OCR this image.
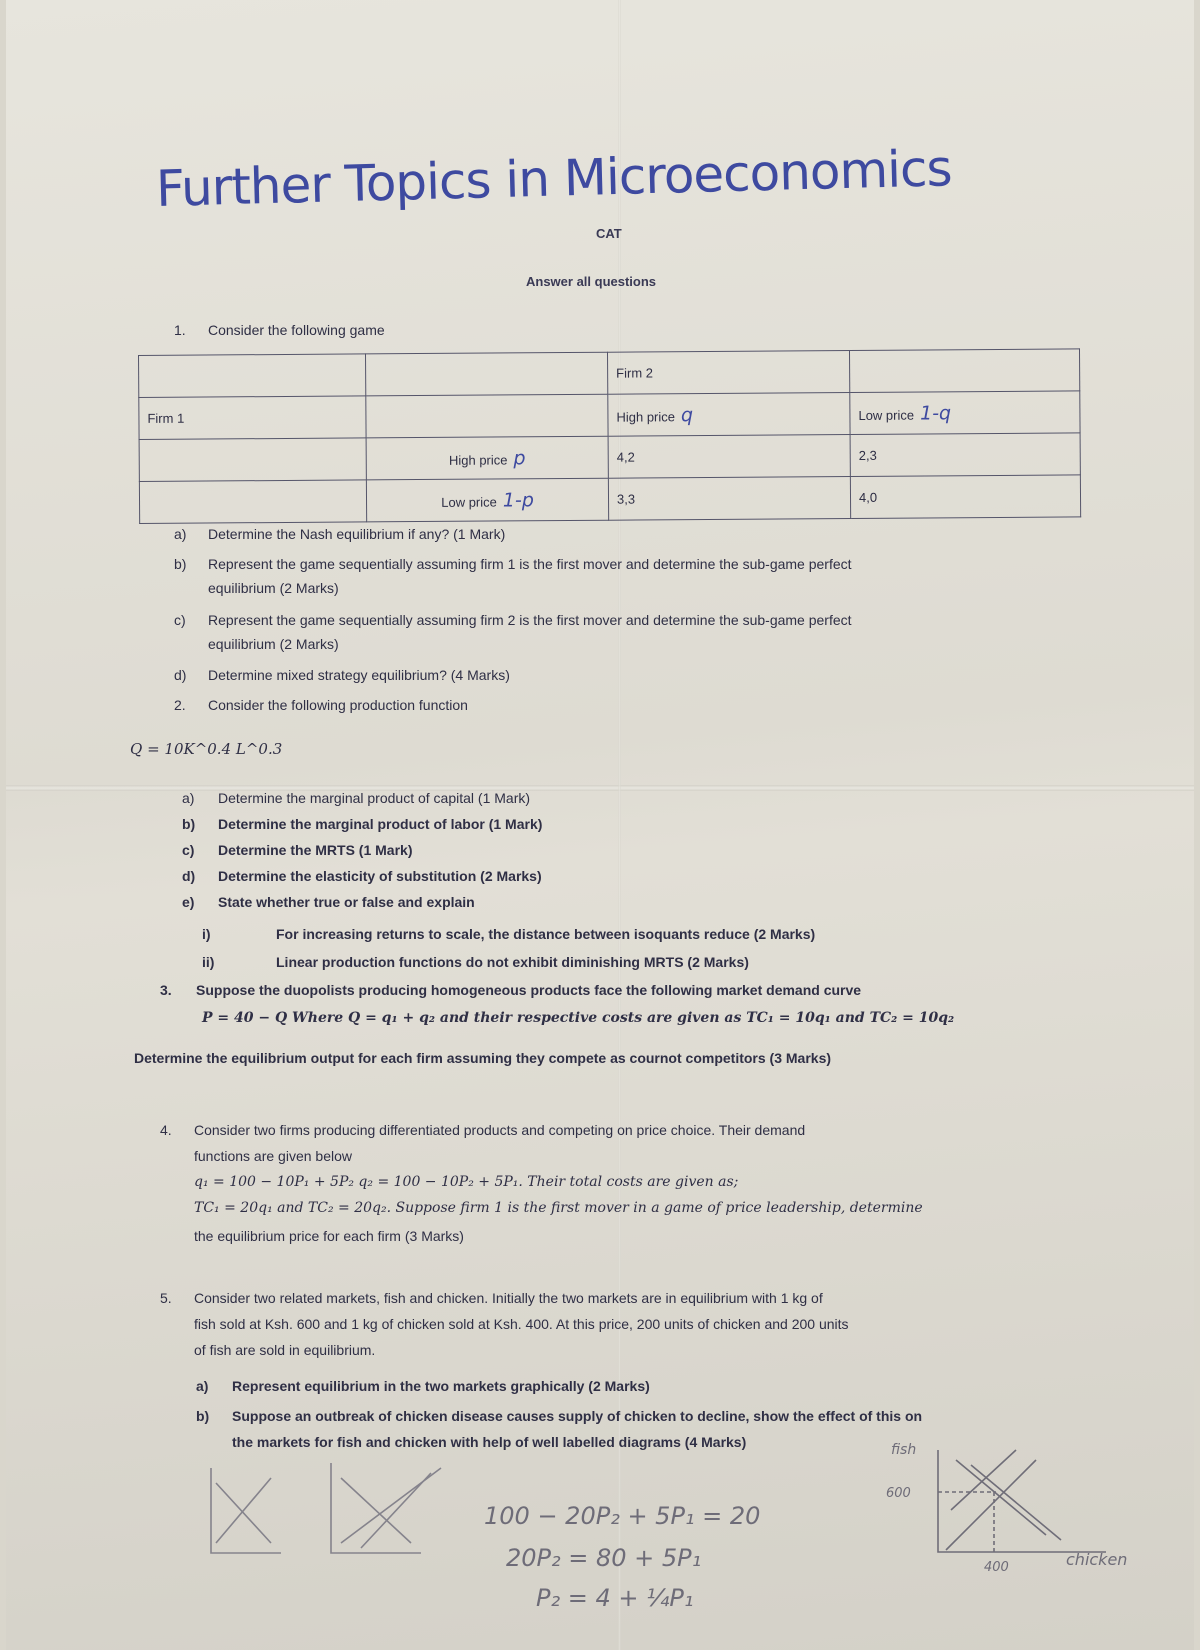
Further Topics in Microeconomics
CAT
Answer all questions
1. Consider the following game
		Firm 2	
Firm 1		High price q	Low price 1-q
	High price p	4,2	2,3
	Low price 1-p	3,3	4,0
a) Determine the Nash equilibrium if any? (1 Mark)
b) Represent the game sequentially assuming firm 1 is the first mover and determine the sub-game perfect
equilibrium (2 Marks)
c) Represent the game sequentially assuming firm 2 is the first mover and determine the sub-game perfect
equilibrium (2 Marks)
d) Determine mixed strategy equilibrium? (4 Marks)
2. Consider the following production function
Q = 10K^0.4 L^0.3
a) Determine the marginal product of capital (1 Mark)
b) Determine the marginal product of labor (1 Mark)
c) Determine the MRTS (1 Mark)
d) Determine the elasticity of substitution (2 Marks)
e) State whether true or false and explain
i)	For increasing returns to scale, the distance between isoquants reduce (2 Marks)
ii)	Linear production functions do not exhibit diminishing MRTS (2 Marks)
3. Suppose the duopolists producing homogeneous products face the following market demand curve
P = 40 − Q Where Q = q₁ + q₂ and their respective costs are given as TC₁ = 10q₁ and TC₂ = 10q₂
Determine the equilibrium output for each firm assuming they compete as cournot competitors (3 Marks)
4. Consider two firms producing differentiated products and competing on price choice. Their demand
functions are given below
q₁ = 100 − 10P₁ + 5P₂ q₂ = 100 − 10P₂ + 5P₁. Their total costs are given as;
TC₁ = 20q₁ and TC₂ = 20q₂. Suppose firm 1 is the first mover in a game of price leadership, determine
the equilibrium price for each firm (3 Marks)
5. Consider two related markets, fish and chicken. Initially the two markets are in equilibrium with 1 kg of
fish sold at Ksh. 600 and 1 kg of chicken sold at Ksh. 400. At this price, 200 units of chicken and 200 units
of fish are sold in equilibrium.
a) Represent equilibrium in the two markets graphically (2 Marks)
b) Suppose an outbreak of chicken disease causes supply of chicken to decline, show the effect of this on
the markets for fish and chicken with help of well labelled diagrams (4 Marks)
100 − 20P₂ + 5P₁ = 20
20P₂ = 80 + 5P₁
P₂ = 4 + ¼P₁
fish
600
400	chicken
